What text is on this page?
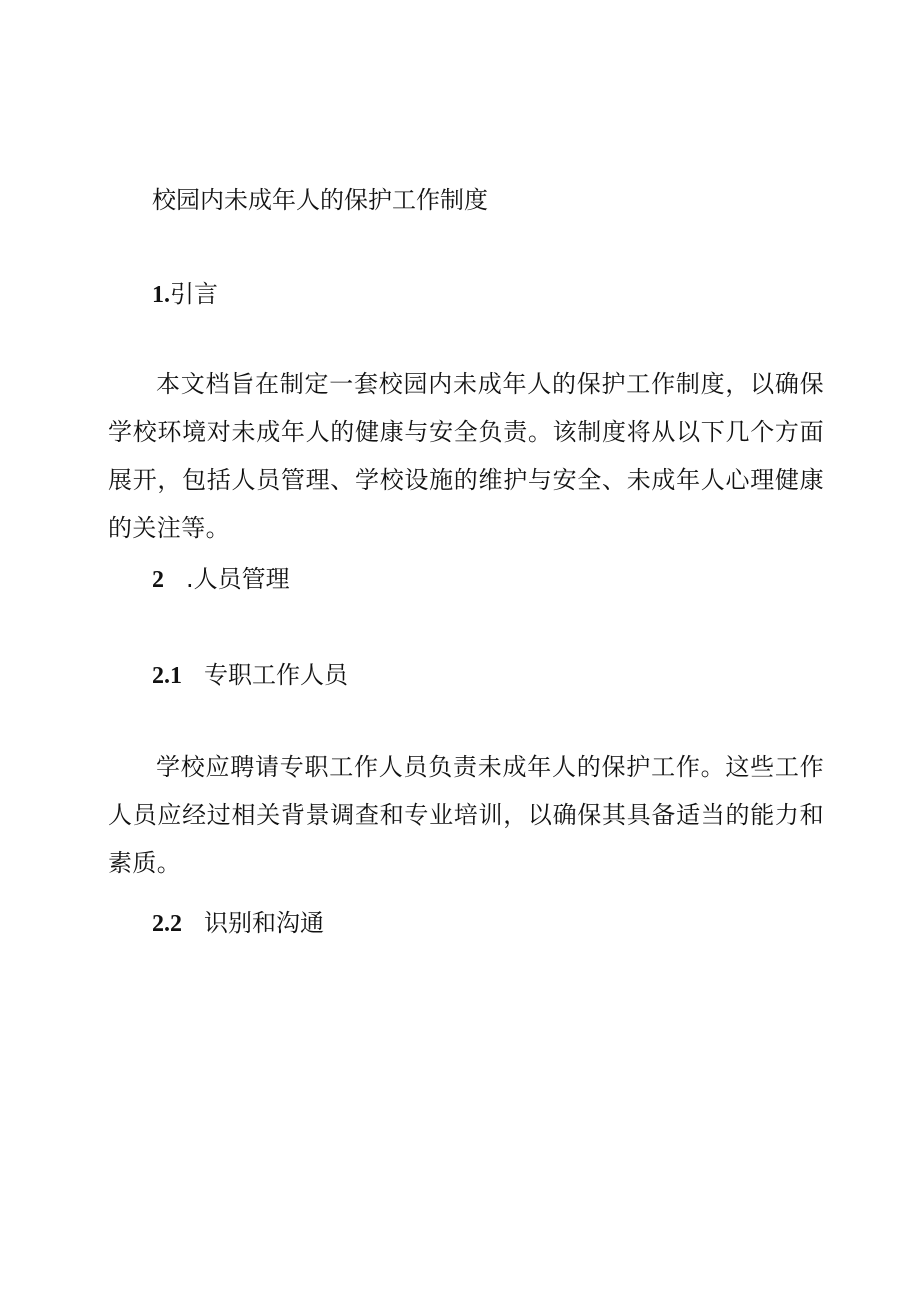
校园内未成年人的保护工作制度
1.引言

本文档旨在制定一套校园内未成年人的保护工作制度，以确保学校环境对未成年人的健康与安全负责。该制度将从以下几个方面展开，包括人员管理、学校设施的维护与安全、未成年人心理健康的关注等。

2 .人员管理
2.1 专职工作人员

学校应聘请专职工作人员负责未成年人的保护工作。这些工作人员应经过相关背景调查和专业培训，以确保其具备适当的能力和素质。

2.2 识别和沟通
